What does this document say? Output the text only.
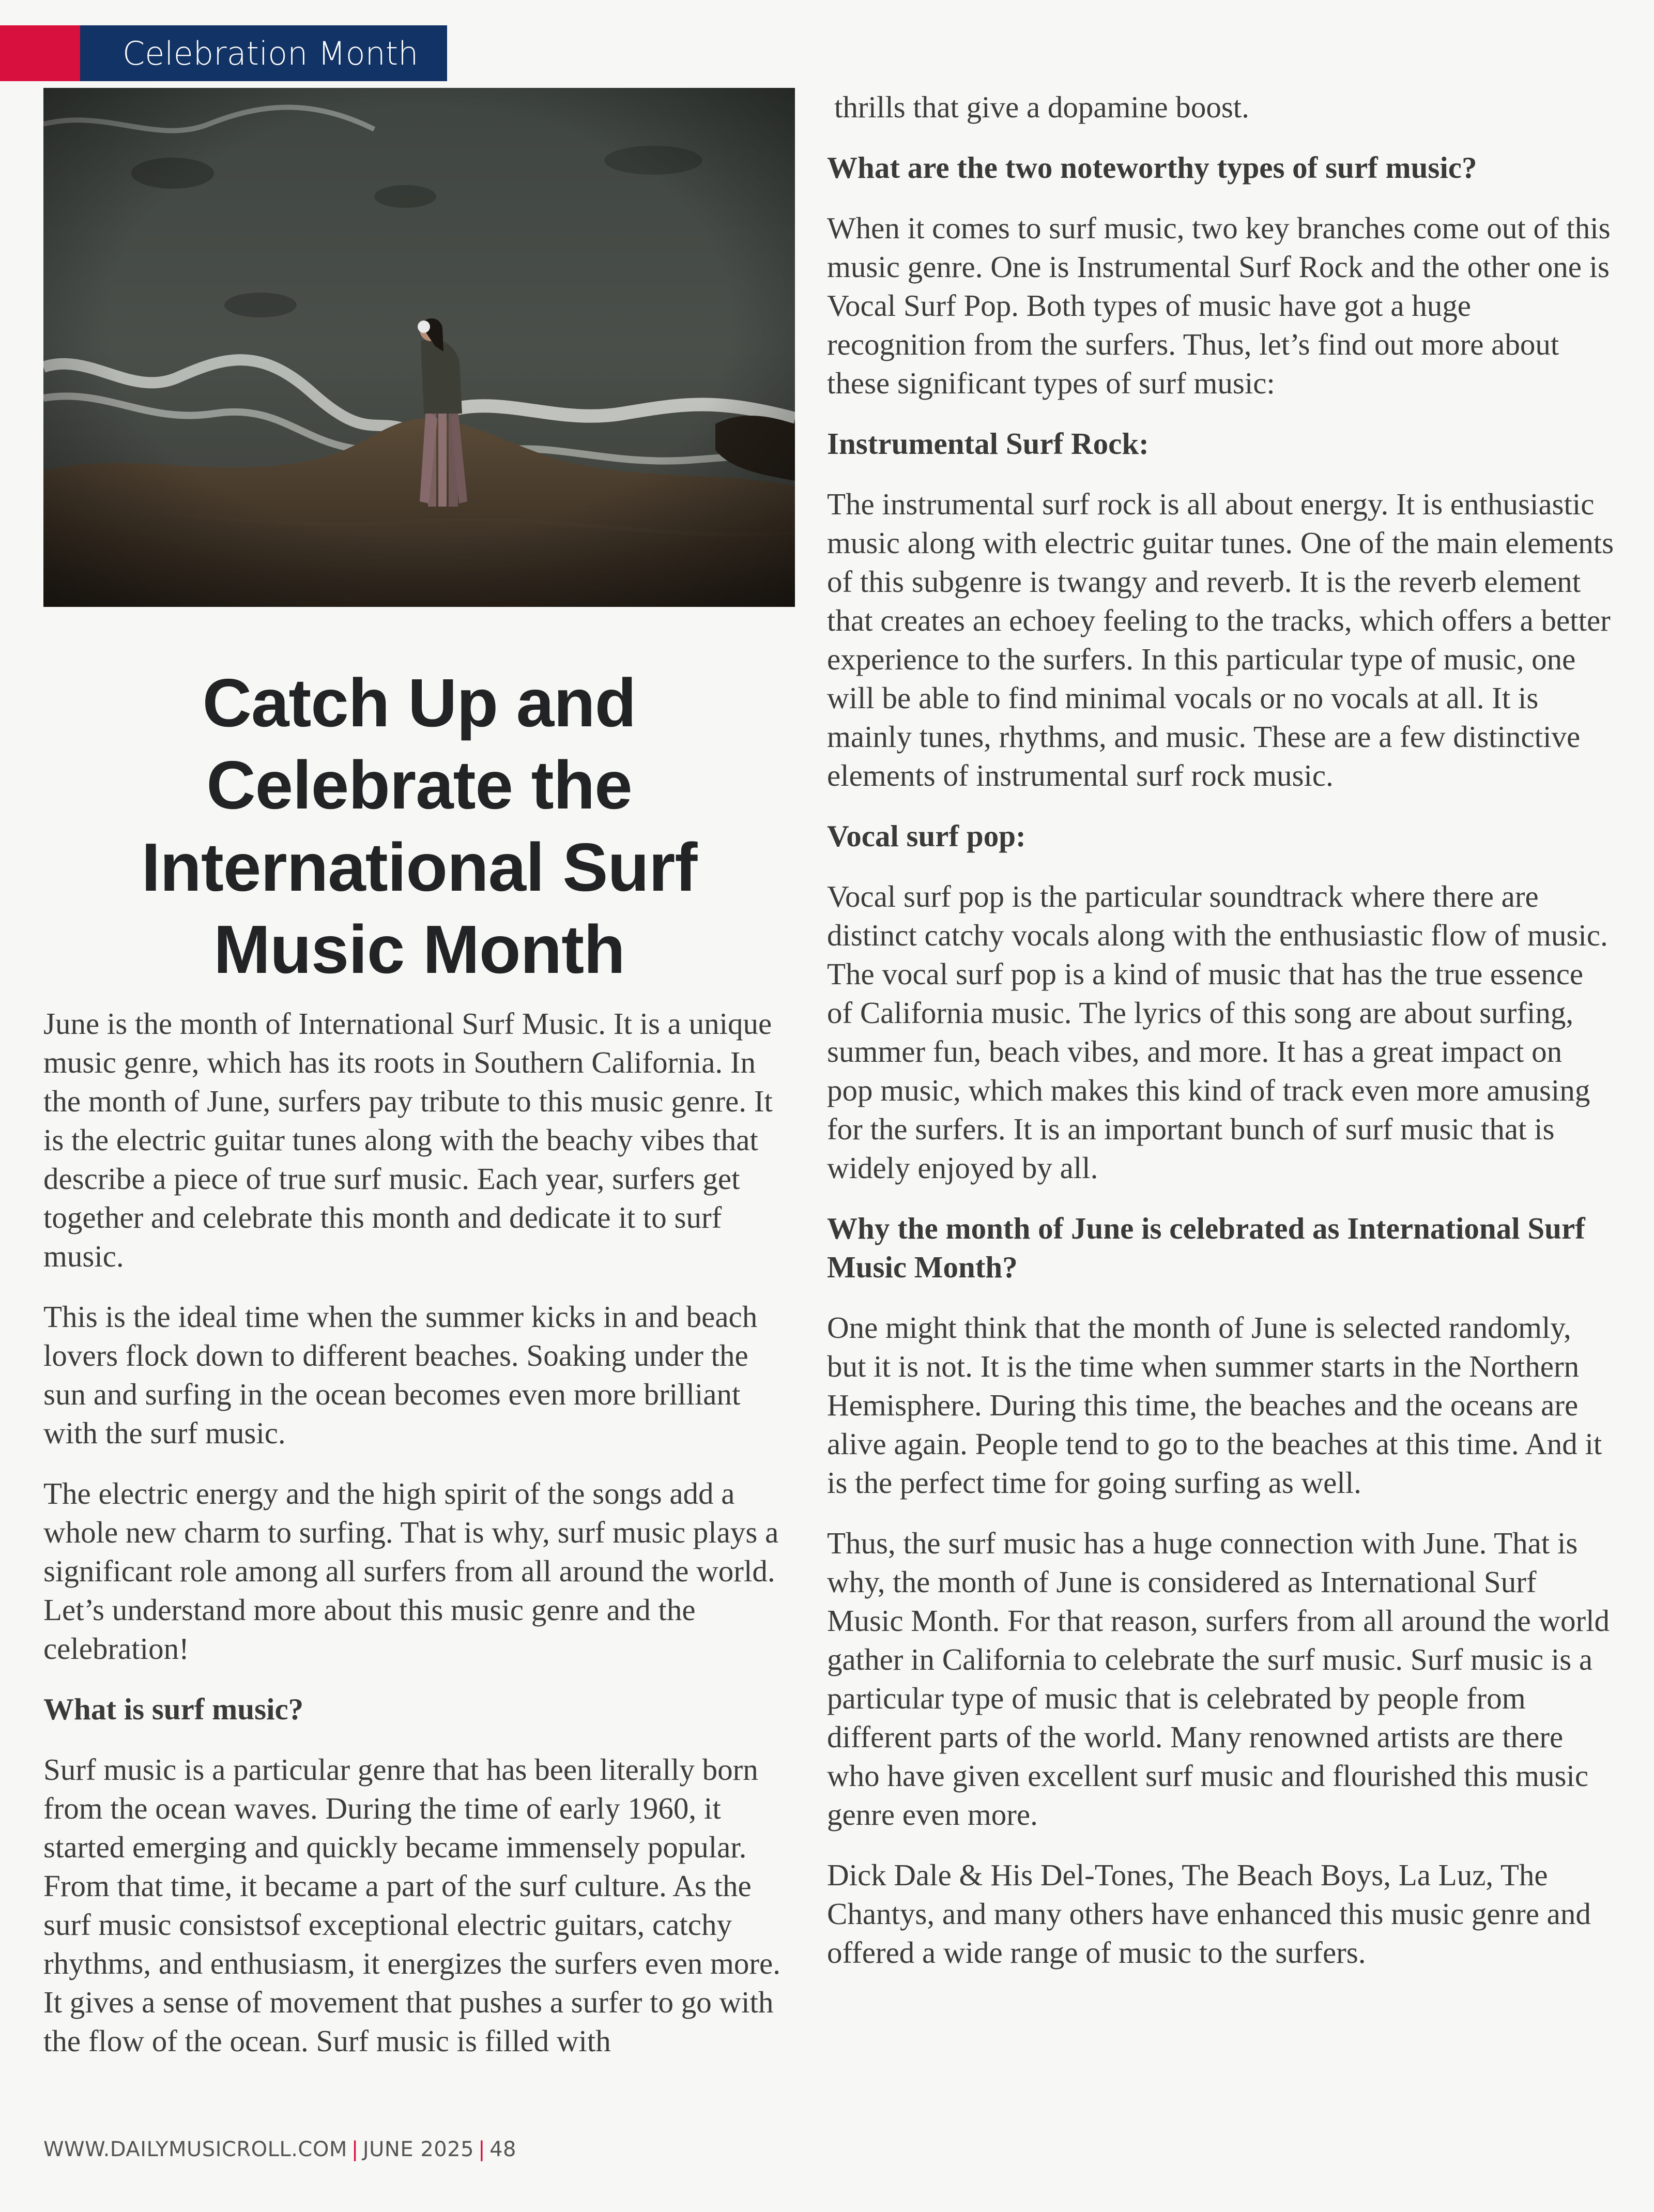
Celebration Month
Catch Up and Celebrate the International Surf Music Month

June is the month of International Surf Music. It is a unique music genre, which has its roots in Southern California. In the month of June, surfers pay tribute to this music genre. It is the electric guitar tunes along with the beachy vibes that describe a piece of true surf music. Each year, surfers get together and celebrate this month and dedicate it to surf music.

This is the ideal time when the summer kicks in and beach lovers flock down to different beaches. Soaking under the sun and surfing in the ocean becomes even more brilliant with the surf music.

The electric energy and the high spirit of the songs add a whole new charm to surfing. That is why, surf music plays a significant role among all surfers from all around the world. Let’s understand more about this music genre and the celebration!

What is surf music?

Surf music is a particular genre that has been literally born from the ocean waves. During the time of early 1960, it started emerging and quickly became immensely popular. From that time, it became a part of the surf culture. As the surf music consistsof exceptional electric guitars, catchy rhythms, and enthusiasm, it energizes the surfers even more. It gives a sense of movement that pushes a surfer to go with the flow of the ocean. Surf music is filled with

thrills that give a dopamine boost.

What are the two noteworthy types of surf music?

When it comes to surf music, two key branches come out of this music genre. One is Instrumental Surf Rock and the other one is Vocal Surf Pop. Both types of music have got a huge recognition from the surfers. Thus, let’s find out more about these significant types of surf music:

Instrumental Surf Rock:

The instrumental surf rock is all about energy. It is enthusiastic music along with electric guitar tunes. One of the main elements of this subgenre is twangy and reverb. It is the reverb element that creates an echoey feeling to the tracks, which offers a better experience to the surfers. In this particular type of music, one will be able to find minimal vocals or no vocals at all. It is mainly tunes, rhythms, and music. These are a few distinctive elements of instrumental surf rock music.

Vocal surf pop:

Vocal surf pop is the particular soundtrack where there are distinct catchy vocals along with the enthusiastic flow of music. The vocal surf pop is a kind of music that has the true essence of California music. The lyrics of this song are about surfing, summer fun, beach vibes, and more. It has a great impact on pop music, which makes this kind of track even more amusing for the surfers. It is an important bunch of surf music that is widely enjoyed by all.

Why the month of June is celebrated as International Surf Music Month?

One might think that the month of June is selected randomly, but it is not. It is the time when summer starts in the Northern Hemisphere. During this time, the beaches and the oceans are alive again. People tend to go to the beaches at this time. And it is the perfect time for going surfing as well.

Thus, the surf music has a huge connection with June. That is why, the month of June is considered as International Surf Music Month. For that reason, surfers from all around the world gather in California to celebrate the surf music. Surf music is a particular type of music that is celebrated by people from different parts of the world. Many renowned artists are there who have given excellent surf music and flourished this music genre even more.

Dick Dale & His Del-Tones, The Beach Boys, La Luz, The Chantys, and many others have enhanced this music genre and offered a wide range of music to the surfers.

WWW.DAILYMUSICROLL.COM | JUNE 2025 | 48
